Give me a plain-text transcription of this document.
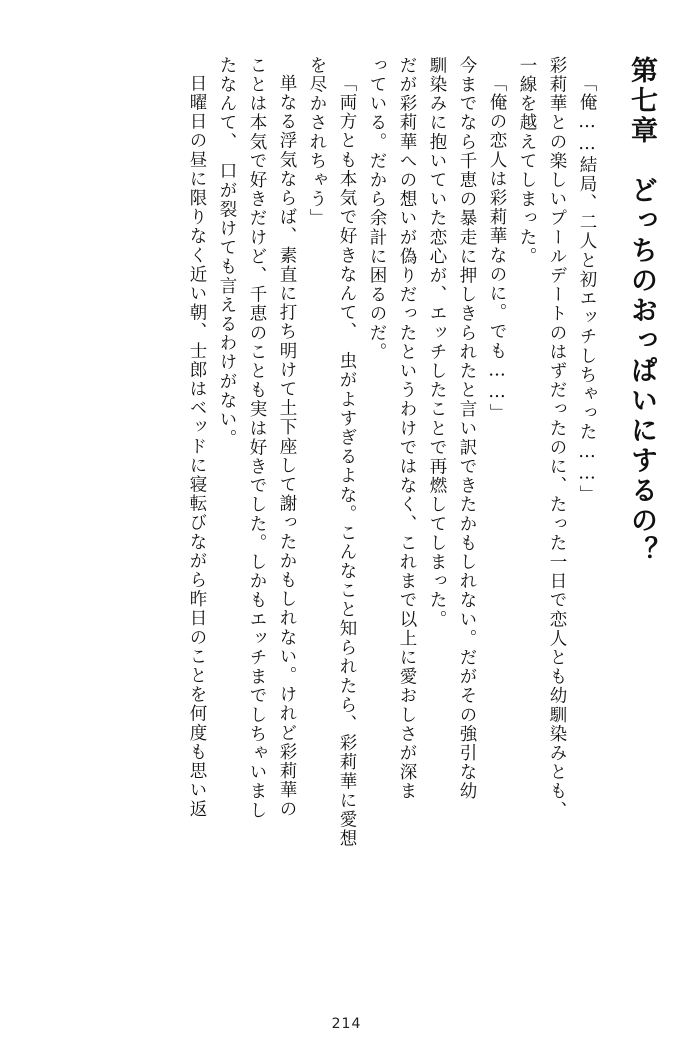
第七章　どっちのおっぱいにするの？
「俺……結局、二人と初エッチしちゃった……」
彩莉華との楽しいプールデートのはずだったのに、たった一日で恋人とも幼馴染みとも、
一線を越えてしまった。
「俺の恋人は彩莉華なのに。でも……」
今までなら千恵の暴走に押しきられたと言い訳できたかもしれない。だがその強引な幼
馴染みに抱いていた恋心が、エッチしたことで再燃してしまった。
だが彩莉華への想いが偽りだったというわけではなく、これまで以上に愛おしさが深ま
っている。だから余計に困るのだ。
「両方とも本気で好きなんて、　虫がよすぎるよな。こんなこと知られたら、彩莉華に愛想
を尽かされちゃう」
単なる浮気ならば、素直に打ち明けて土下座して謝ったかもしれない。けれど彩莉華の
ことは本気で好きだけど、千恵のことも実は好きでした。しかもエッチまでしちゃいまし
たなんて、　口が裂けても言えるわけがない。
日曜日の昼に限りなく近い朝、士郎はベッドに寝転びながら昨日のことを何度も思い返
214
